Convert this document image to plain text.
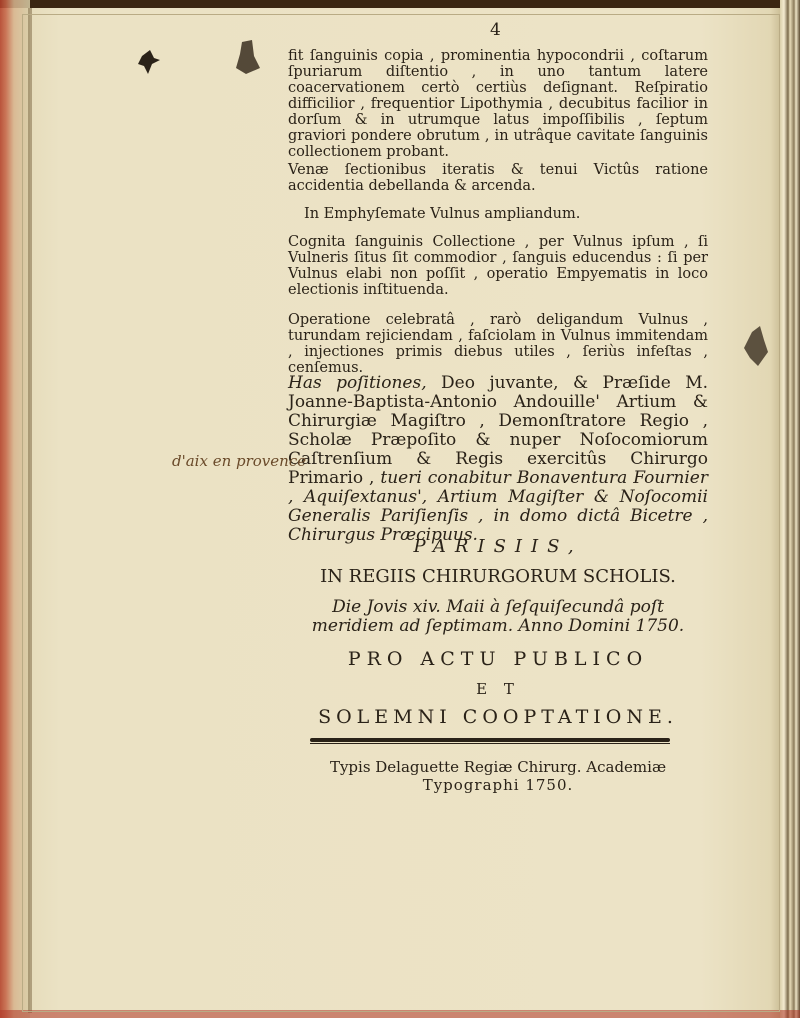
4

fit ſanguinis copia , prominentia hypocondrii , coſtarum ſpuriarum diſtentio , in uno tantum latere coacervationem certò certiùs deſignant. Reſpiratio difficilior , frequentior Lipothymia , decubitus facilior in dorſum & in utrumque latus impoſſibilis , ſeptum graviori pondere obrutum , in utrâque cavitate ſanguinis collectionem probant.

Venæ ſectionibus iteratis & tenui Victûs ratione accidentia debellanda & arcenda.

In Emphyſemate Vulnus ampliandum.

Cognita ſanguinis Collectione , per Vulnus ipſum , ſi Vulneris ſitus ſit commodior , ſanguis educendus : ſi per Vulnus elabi non poſſit , operatio Empyematis in loco electionis inſtituenda.

Operatione celebratâ , rarò deligandum Vulnus , turundam rejiciendam , faſciolam in Vulnus immitendam , injectiones primis diebus utiles , ſeriùs infeſtas , cenſemus.

Has poſitiones, Deo juvante, & Præſide M. Joanne-Baptista-Antonio Andouille' Artium & Chirurgiæ Magiſtro , Demonſtratore Regio , Scholæ Præpoſito & nuper Noſocomiorum Caſtrenſium & Regis exercitûs Chirurgo Primario , tueri conabitur Bonaventura Fournier , Aquiſextanus', Artium Magiſter & Noſocomii Generalis Pariſienſis , in domo dictâ Bicetre , Chirurgus Præcipuus.
d'aix en provence
PARISIIS,
IN REGIIS CHIRURGORUM SCHOLIS.
Die Jovis xiv. Maii à ſeſquiſecundâ poſt meridiem ad ſeptimam. Anno Domini 1750.
PRO ACTU PUBLICO
E T
SOLEMNI COOPTATIONE.
Typis Delaguette Regiæ Chirurg. Academiæ
Typographi 1750.
